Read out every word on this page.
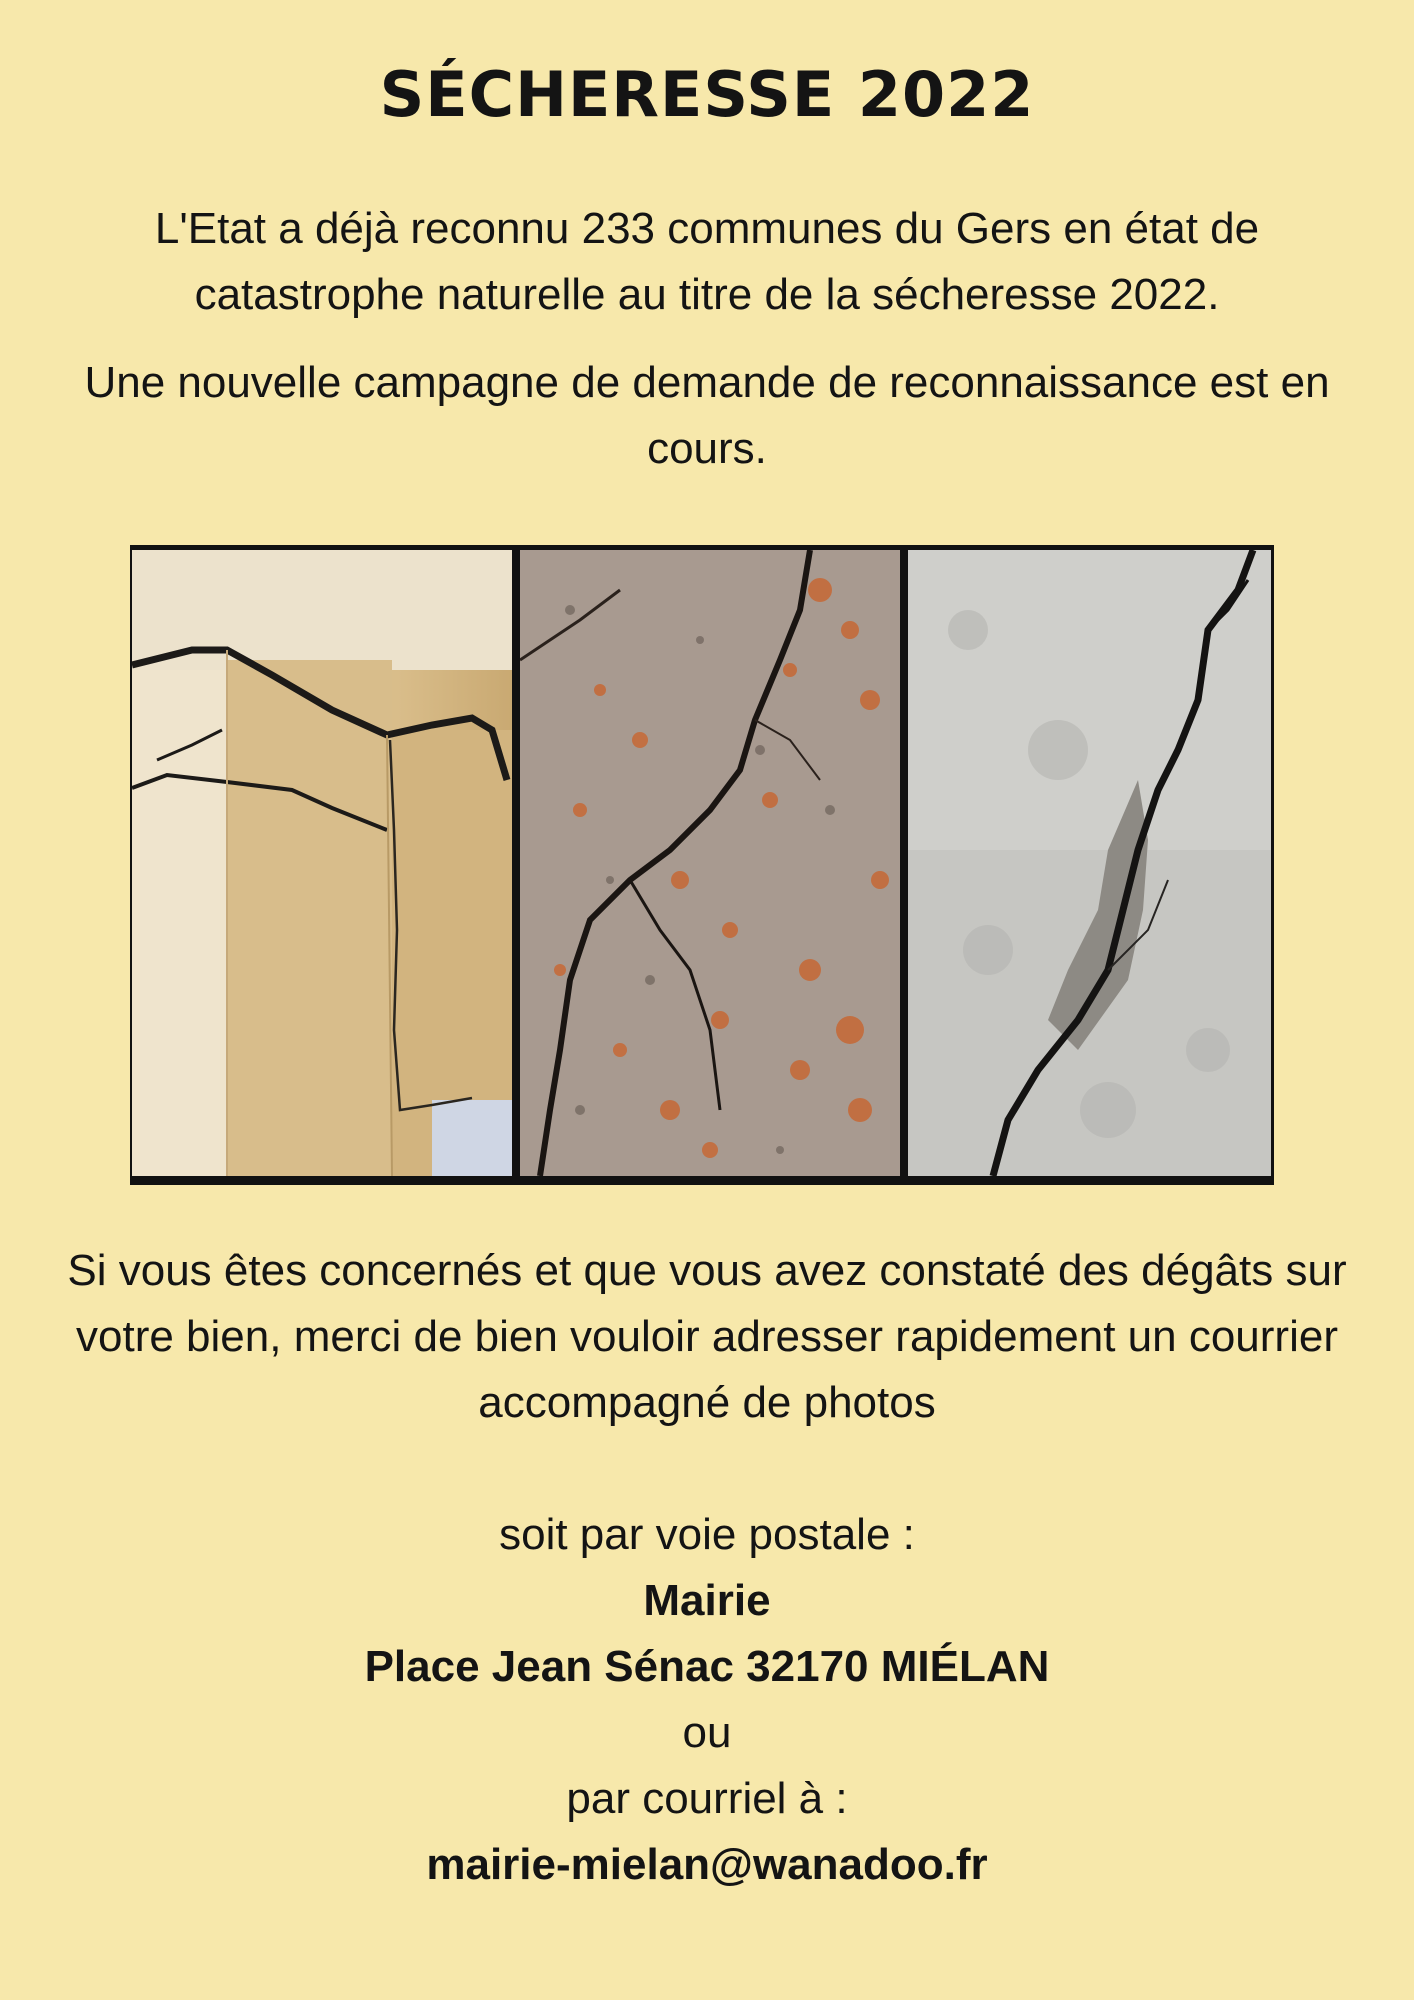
SÉCHERESSE 2022

L'Etat a déjà reconnu 233 communes du Gers en état de catastrophe naturelle au titre de la sécheresse 2022.

Une nouvelle campagne de demande de reconnaissance est en cours.

Si vous êtes concernés et que vous avez constaté des dégâts sur votre bien, merci de bien vouloir adresser rapidement un courrier accompagné de photos

soit par voie postale :

Mairie

Place Jean Sénac 32170 MIÉLAN

ou

par courriel à :

mairie-mielan@wanadoo.fr
